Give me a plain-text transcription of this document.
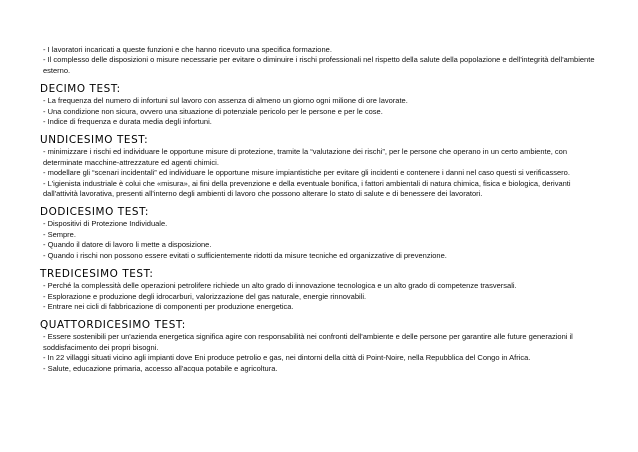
- I lavoratori incaricati a queste funzioni e che hanno ricevuto una specifica formazione.
- Il complesso delle disposizioni o misure necessarie per evitare o diminuire i rischi professionali nel rispetto della salute della popolazione e dell'integrità dell'ambiente esterno.
DECIMO TEST:
- La frequenza del numero di infortuni sul lavoro con assenza di almeno un giorno ogni milione di ore lavorate.
- Una condizione non sicura, ovvero una situazione di potenziale pericolo per le persone e per le cose.
- Indice di frequenza e durata media degli infortuni.
UNDICESIMO TEST:
- minimizzare i rischi ed individuare le opportune misure di protezione, tramite la “valutazione dei rischi”, per le persone che operano in un certo ambiente, con determinate macchine-attrezzature ed agenti chimici.
- modellare gli “scenari incidentali” ed individuare le opportune misure impiantistiche per evitare gli incidenti e contenere i danni nel caso questi si verificassero.
- L'igienista industriale è colui che «misura», ai fini della prevenzione e della eventuale bonifica, i fattori ambientali di natura chimica, fisica e biologica, derivanti dall'attività lavorativa, presenti all'interno degli ambienti di lavoro che possono alterare lo stato di salute e di benessere dei lavoratori.
DODICESIMO TEST:
- Dispositivi di Protezione Individuale.
- Sempre.
- Quando il datore di lavoro li mette a disposizione.
- Quando i rischi non possono essere evitati o sufficientemente ridotti da misure tecniche ed organizzative di prevenzione.
TREDICESIMO TEST:
- Perché la complessità delle operazioni petrolifere richiede un alto grado di innovazione tecnologica e un alto grado di competenze trasversali.
- Esplorazione e produzione degli idrocarburi, valorizzazione del gas naturale, energie rinnovabili.
- Entrare nei cicli di fabbricazione di componenti per produzione energetica.
QUATTORDICESIMO TEST:
- Essere sostenibili per un'azienda energetica significa agire con responsabilità nei confronti dell'ambiente e delle persone per garantire alle future generazioni il soddisfacimento dei propri bisogni.
- In 22 villaggi situati vicino agli impianti dove Eni produce petrolio e gas, nei dintorni della città di Point-Noire, nella Repubblica del Congo in Africa.
- Salute, educazione primaria, accesso all'acqua potabile e agricoltura.
